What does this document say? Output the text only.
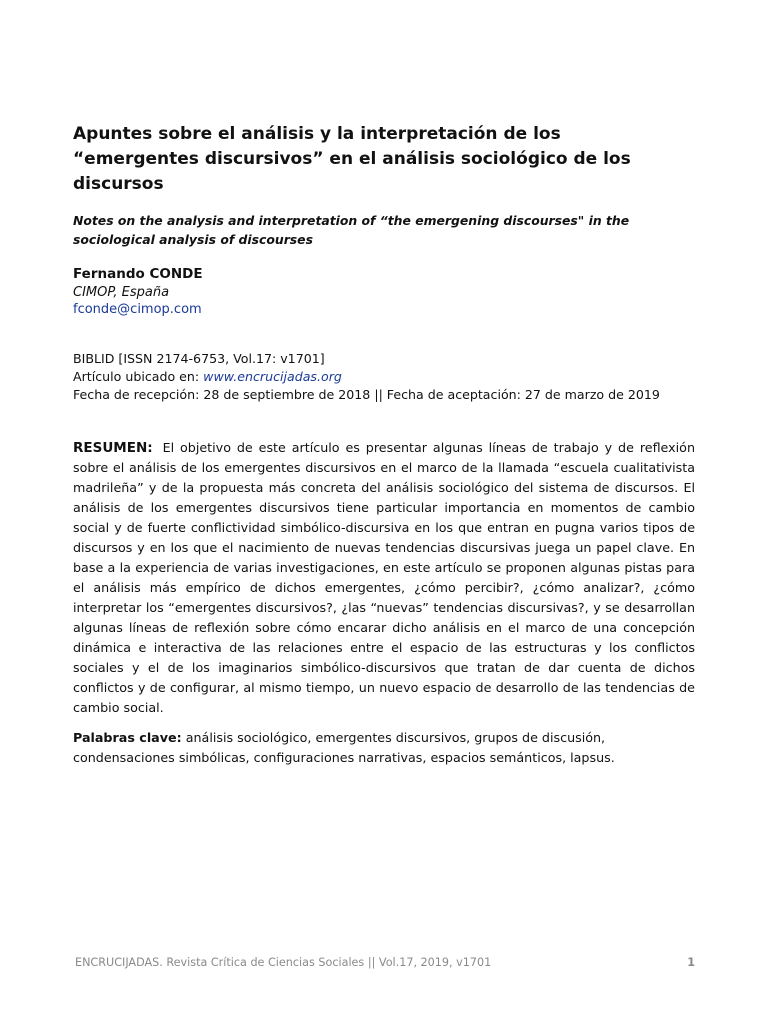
Apuntes sobre el análisis y la interpretación de los “emergentes discursivos” en el análisis sociológico de los discursos
Notes on the analysis and interpretation of “the emergening discourses" in the sociological analysis of discourses
Fernando CONDE
CIMOP, España
fconde@cimop.com
BIBLID [ISSN 2174-6753, Vol.17: v1701]
Artículo ubicado en: www.encrucijadas.org
Fecha de recepción: 28 de septiembre de 2018 || Fecha de aceptación: 27 de marzo de 2019
RESUMEN: El objetivo de este artículo es presentar algunas líneas de trabajo y de reflexión sobre el análisis de los emergentes discursivos en el marco de la llamada “escuela cualitativista madrileña” y de la propuesta más concreta del análisis sociológico del sistema de discursos. El análisis de los emergentes discursivos tiene particular importancia en momentos de cambio social y de fuerte conflictividad simbólico-discursiva en los que entran en pugna varios tipos de discursos y en los que el nacimiento de nuevas tendencias discursivas juega un papel clave. En base a la experiencia de varias investigaciones, en este artículo se proponen algunas pistas para el análisis más empírico de dichos emergentes, ¿cómo percibir?, ¿cómo analizar?, ¿cómo interpretar los “emergentes discursivos?, ¿las “nuevas” tendencias discursivas?, y se desarrollan algunas líneas de reflexión sobre cómo encarar dicho análisis en el marco de una concepción dinámica e interactiva de las relaciones entre el espacio de las estructuras y los conflictos sociales y el de los imaginarios simbólico-discursivos que tratan de dar cuenta de dichos conflictos y de configurar, al mismo tiempo, un nuevo espacio de desarrollo de las tendencias de cambio social.
Palabras clave: análisis sociológico, emergentes discursivos, grupos de discusión, condensaciones simbólicas, configuraciones narrativas, espacios semánticos, lapsus.
ENCRUCIJADAS. Revista Crítica de Ciencias Sociales || Vol.17, 2019, v1701	1
